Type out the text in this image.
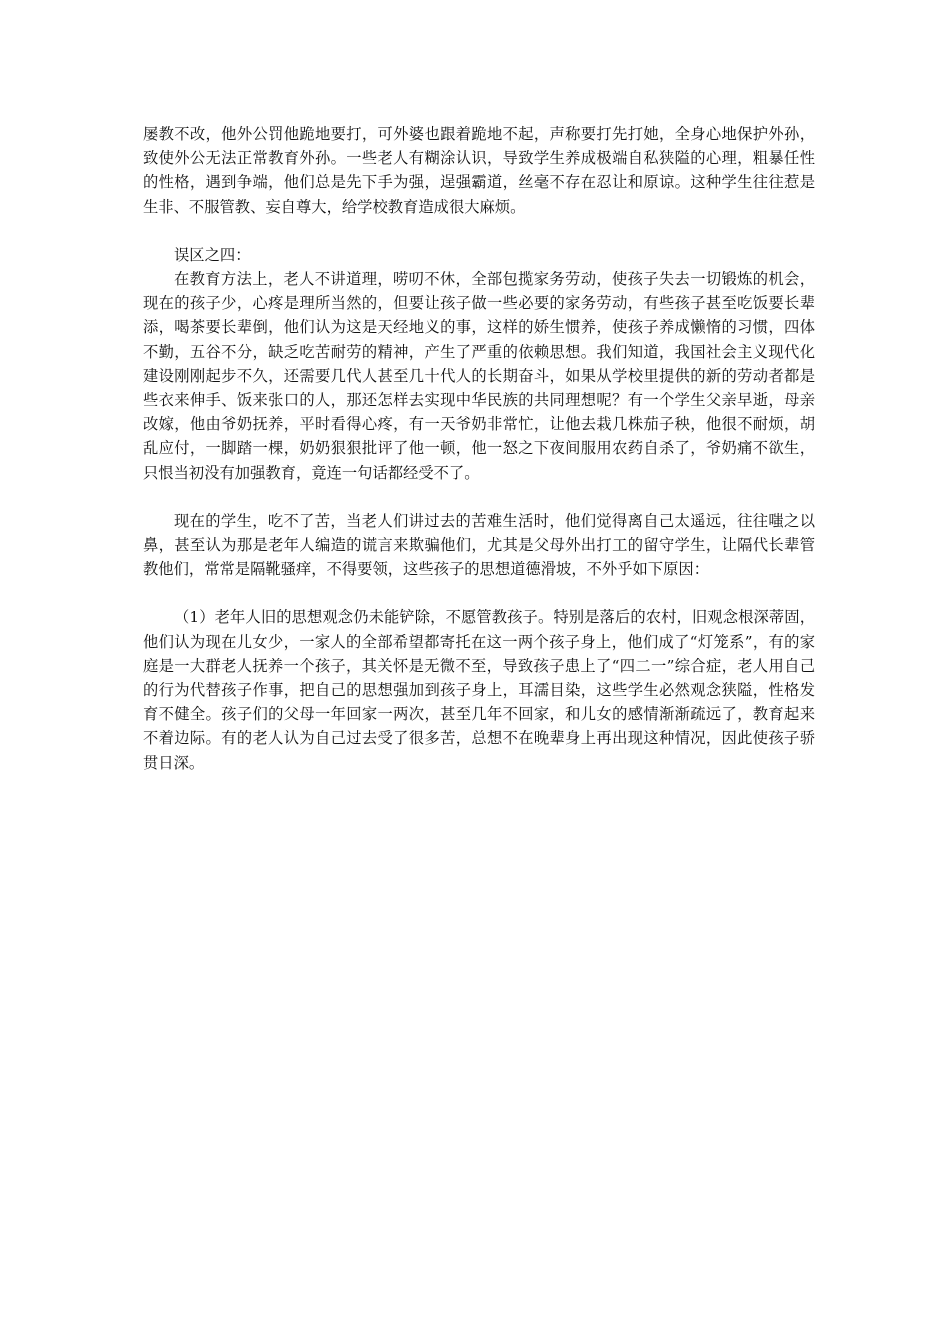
屡教不改，他外公罚他跪地要打，可外婆也跟着跪地不起，声称要打先打她，全身心地保护外孙，致使外公无法正常教育外孙。一些老人有糊涂认识，导致学生养成极端自私狭隘的心理，粗暴任性的性格，遇到争端，他们总是先下手为强，逞强霸道，丝毫不存在忍让和原谅。这种学生往往惹是生非、不服管教、妄自尊大，给学校教育造成很大麻烦。

误区之四：

在教育方法上，老人不讲道理，唠叨不休，全部包揽家务劳动，使孩子失去一切锻炼的机会，现在的孩子少，心疼是理所当然的，但要让孩子做一些必要的家务劳动，有些孩子甚至吃饭要长辈添，喝茶要长辈倒，他们认为这是天经地义的事，这样的娇生惯养，使孩子养成懒惰的习惯，四体不勤，五谷不分，缺乏吃苦耐劳的精神，产生了严重的依赖思想。我们知道，我国社会主义现代化建设刚刚起步不久，还需要几代人甚至几十代人的长期奋斗，如果从学校里提供的新的劳动者都是些衣来伸手、饭来张口的人，那还怎样去实现中华民族的共同理想呢？有一个学生父亲早逝，母亲改嫁，他由爷奶抚养，平时看得心疼，有一天爷奶非常忙，让他去栽几株茄子秧，他很不耐烦，胡乱应付，一脚踏一棵，奶奶狠狠批评了他一顿，他一怒之下夜间服用农药自杀了，爷奶痛不欲生，只恨当初没有加强教育，竟连一句话都经受不了。

现在的学生，吃不了苦，当老人们讲过去的苦难生活时，他们觉得离自己太遥远，往往嗤之以鼻，甚至认为那是老年人编造的谎言来欺骗他们，尤其是父母外出打工的留守学生，让隔代长辈管教他们，常常是隔靴骚痒，不得要领，这些孩子的思想道德滑坡，不外乎如下原因：

（1）老年人旧的思想观念仍未能铲除，不愿管教孩子。特别是落后的农村，旧观念根深蒂固，他们认为现在儿女少，一家人的全部希望都寄托在这一两个孩子身上，他们成了“灯笼系”，有的家庭是一大群老人抚养一个孩子，其关怀是无微不至，导致孩子患上了“四二一”综合症，老人用自己的行为代替孩子作事，把自己的思想强加到孩子身上，耳濡目染，这些学生必然观念狭隘，性格发育不健全。孩子们的父母一年回家一两次，甚至几年不回家，和儿女的感情渐渐疏远了，教育起来不着边际。有的老人认为自己过去受了很多苦，总想不在晚辈身上再出现这种情况，因此使孩子骄贯日深。
